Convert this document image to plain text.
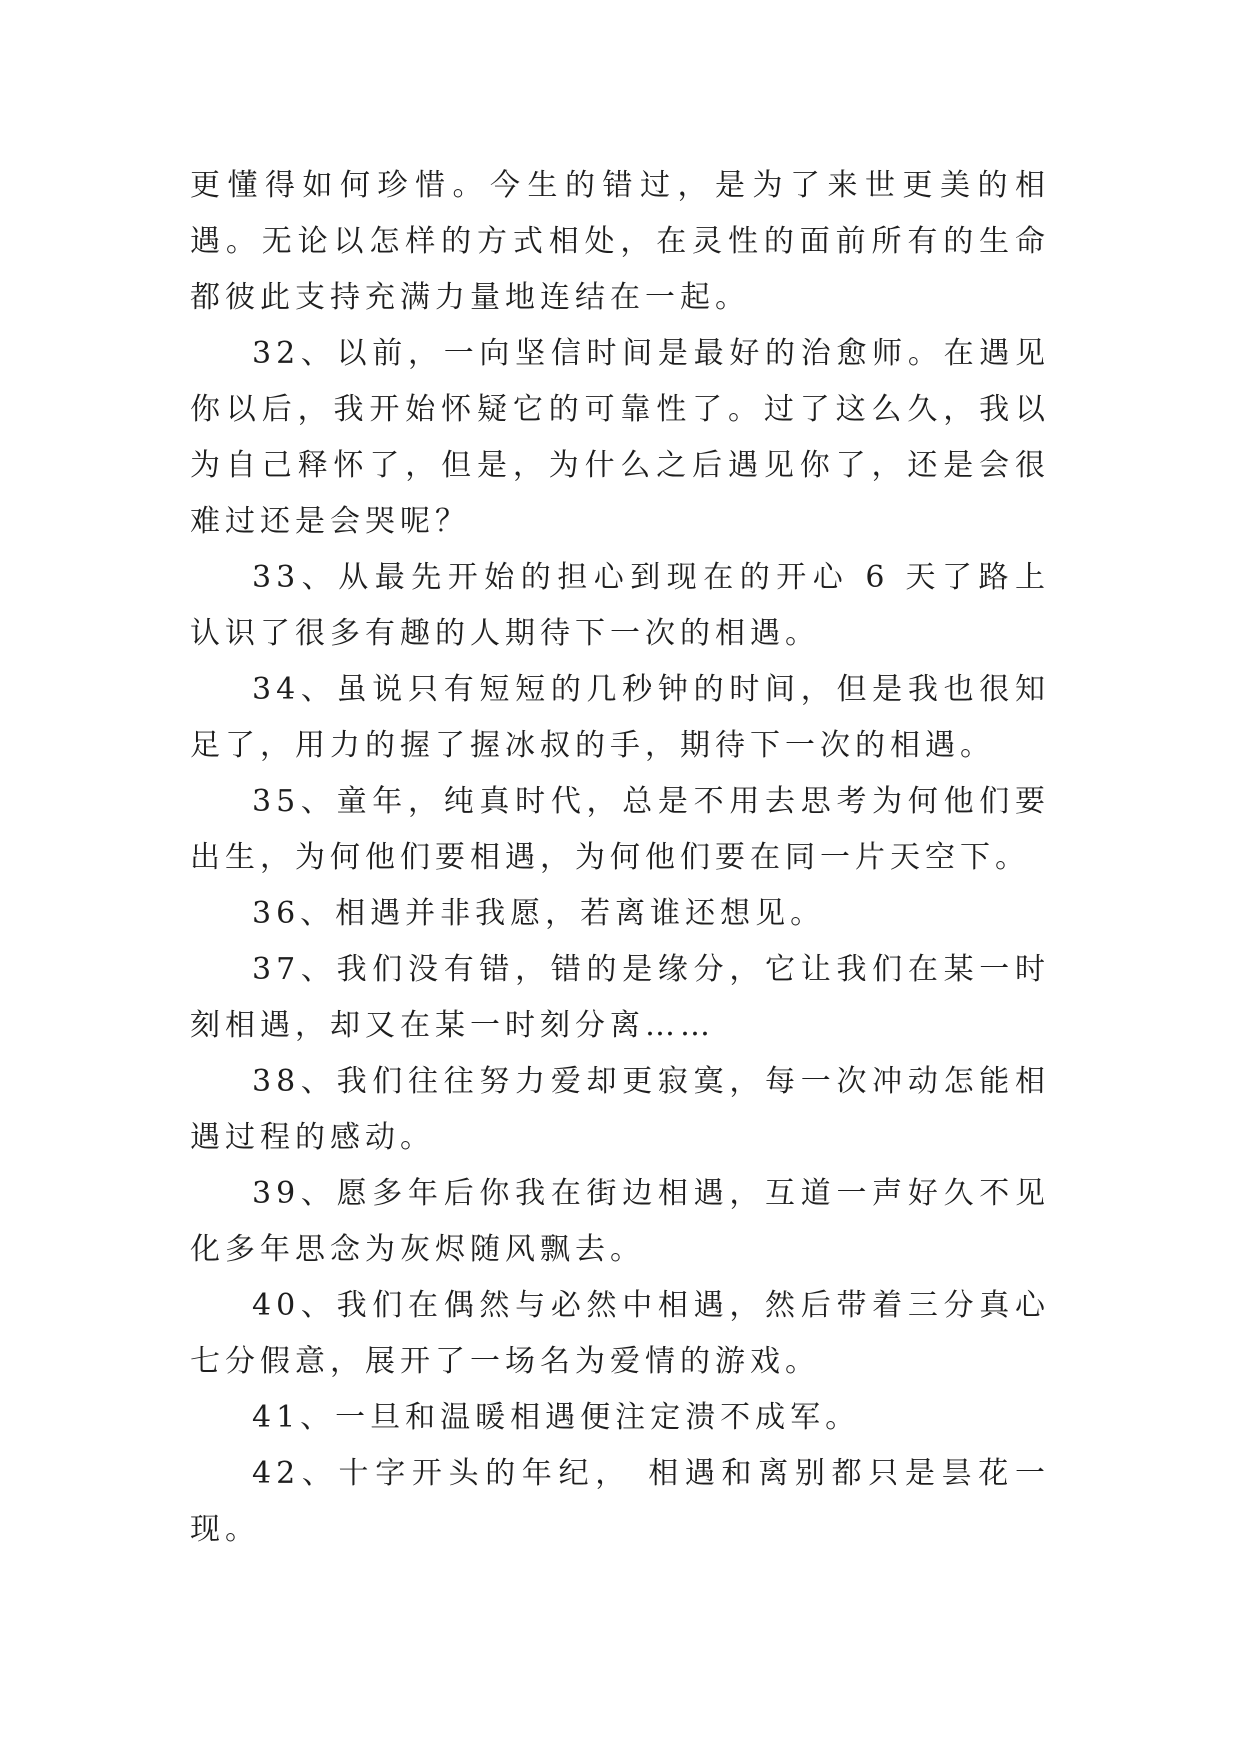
更懂得如何珍惜。今生的错过，是为了来世更美的相遇。无论以怎样的方式相处，在灵性的面前所有的生命都彼此支持充满力量地连结在一起。

32、以前，一向坚信时间是最好的治愈师。在遇见你以后，我开始怀疑它的可靠性了。过了这么久，我以为自己释怀了，但是，为什么之后遇见你了，还是会很难过还是会哭呢？

33、从最先开始的担心到现在的开心 6 天了路上认识了很多有趣的人期待下一次的相遇。

34、虽说只有短短的几秒钟的时间，但是我也很知足了，用力的握了握冰叔的手，期待下一次的相遇。

35、童年，纯真时代，总是不用去思考为何他们要出生，为何他们要相遇，为何他们要在同一片天空下。

36、相遇并非我愿，若离谁还想见。

37、我们没有错，错的是缘分，它让我们在某一时刻相遇，却又在某一时刻分离……

38、我们往往努力爱却更寂寞，每一次冲动怎能相遇过程的感动。

39、愿多年后你我在街边相遇，互道一声好久不见化多年思念为灰烬随风飘去。

40、我们在偶然与必然中相遇，然后带着三分真心七分假意，展开了一场名为爱情的游戏。

41、一旦和温暖相遇便注定溃不成军。

42、十字开头的年纪， 相遇和离别都只是昙花一现。
